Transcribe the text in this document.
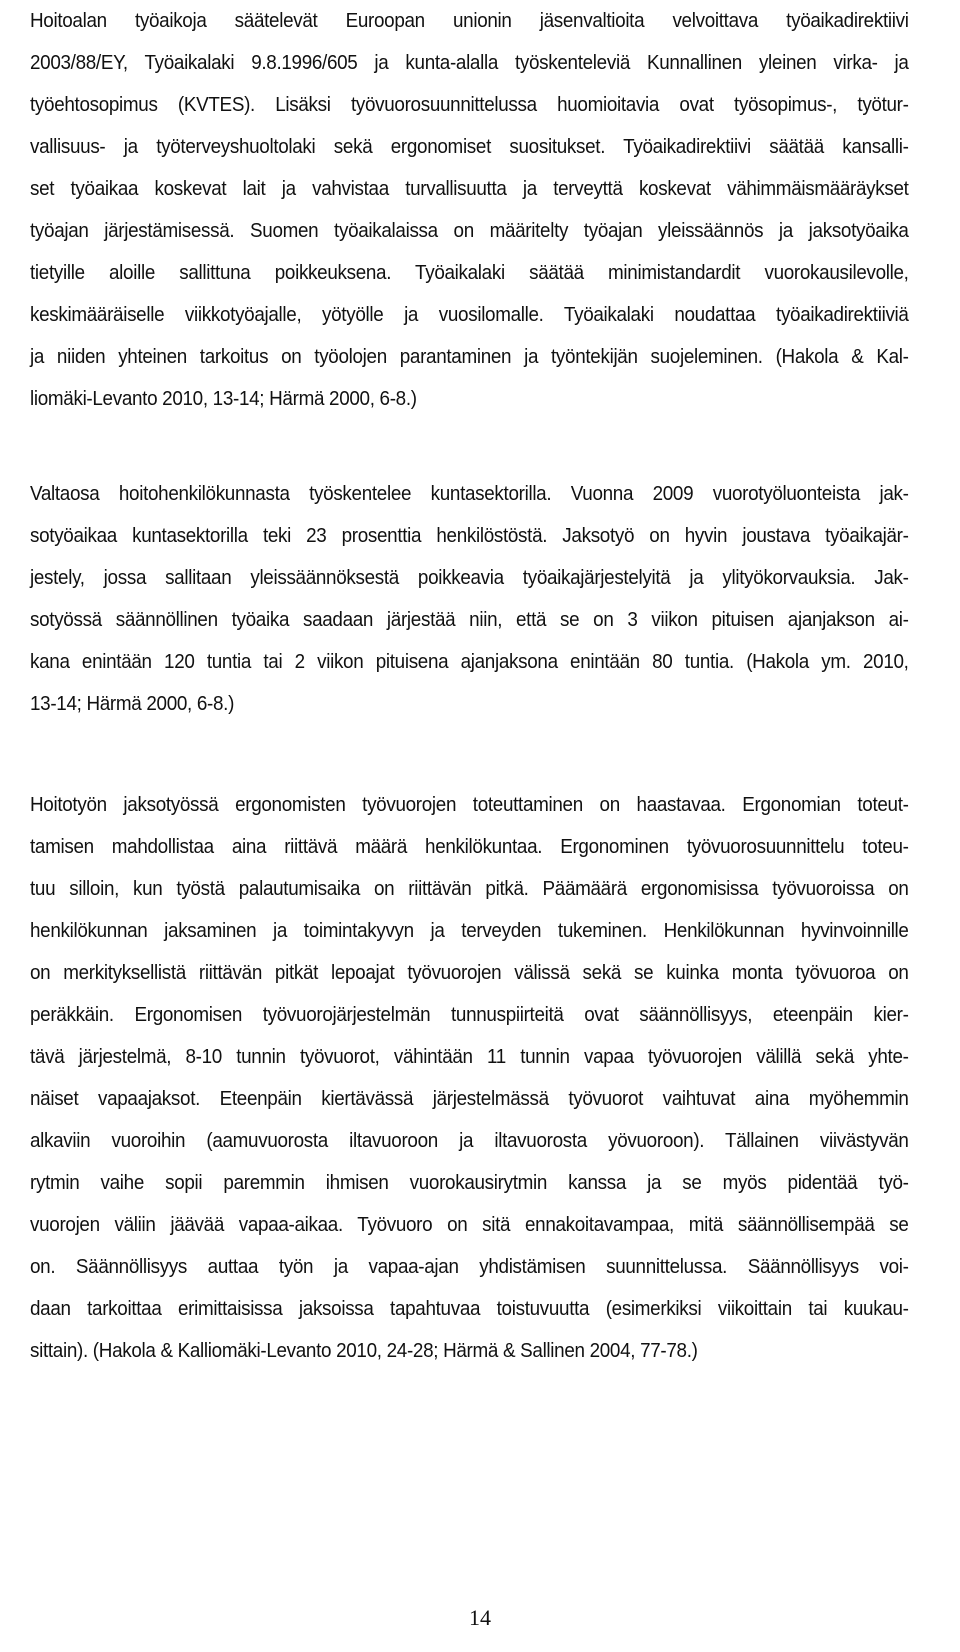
Hoitoalan työaikoja säätelevät Euroopan unionin jäsenvaltioita velvoittava työaikadirektiivi
2003/88/EY, Työaikalaki 9.8.1996/605 ja kunta-alalla työskenteleviä Kunnallinen yleinen virka- ja
työehtosopimus (KVTES). Lisäksi työvuorosuunnittelussa huomioitavia ovat työsopimus-, työtur-
vallisuus- ja työterveyshuoltolaki sekä ergonomiset suositukset. Työaikadirektiivi säätää kansalli-
set työaikaa koskevat lait ja vahvistaa turvallisuutta ja terveyttä koskevat vähimmäismääräykset
työajan järjestämisessä. Suomen työaikalaissa on määritelty työajan yleissäännös ja jaksotyöaika
tietyille aloille sallittuna poikkeuksena. Työaikalaki säätää minimistandardit vuorokausilevolle,
keskimääräiselle viikkotyöajalle, yötyölle ja vuosilomalle. Työaikalaki noudattaa työaikadirektiiviä
ja niiden yhteinen tarkoitus on työolojen parantaminen ja työntekijän suojeleminen. (Hakola & Kal-
liomäki-Levanto 2010, 13-14; Härmä 2000, 6-8.)
Valtaosa hoitohenkilökunnasta työskentelee kuntasektorilla. Vuonna 2009 vuorotyöluonteista jak-
sotyöaikaa kuntasektorilla teki 23 prosenttia henkilöstöstä. Jaksotyö on hyvin joustava työaikajär-
jestely, jossa sallitaan yleissäännöksestä poikkeavia työaikajärjestelyitä ja ylityökorvauksia. Jak-
sotyössä säännöllinen työaika saadaan järjestää niin, että se on 3 viikon pituisen ajanjakson ai-
kana enintään 120 tuntia tai 2 viikon pituisena ajanjaksona enintään 80 tuntia. (Hakola ym. 2010,
13-14; Härmä 2000, 6-8.)
Hoitotyön jaksotyössä ergonomisten työvuorojen toteuttaminen on haastavaa. Ergonomian toteut-
tamisen mahdollistaa aina riittävä määrä henkilökuntaa. Ergonominen työvuorosuunnittelu toteu-
tuu silloin, kun työstä palautumisaika on riittävän pitkä. Päämäärä ergonomisissa työvuoroissa on
henkilökunnan jaksaminen ja toimintakyvyn ja terveyden tukeminen. Henkilökunnan hyvinvoinnille
on merkityksellistä riittävän pitkät lepoajat työvuorojen välissä sekä se kuinka monta työvuoroa on
peräkkäin. Ergonomisen työvuorojärjestelmän tunnuspiirteitä ovat säännöllisyys, eteenpäin kier-
tävä järjestelmä, 8-10 tunnin työvuorot, vähintään 11 tunnin vapaa työvuorojen välillä sekä yhte-
näiset vapaajaksot. Eteenpäin kiertävässä järjestelmässä työvuorot vaihtuvat aina myöhemmin
alkaviin vuoroihin (aamuvuorosta iltavuoroon ja iltavuorosta yövuoroon). Tällainen viivästyvän
rytmin vaihe sopii paremmin ihmisen vuorokausirytmin kanssa ja se myös pidentää työ-
vuorojen väliin jäävää vapaa-aikaa. Työvuoro on sitä ennakoitavampaa, mitä säännöllisempää se
on. Säännöllisyys auttaa työn ja vapaa-ajan yhdistämisen suunnittelussa. Säännöllisyys voi-
daan tarkoittaa erimittaisissa jaksoissa tapahtuvaa toistuvuutta (esimerkiksi viikoittain tai kuukau-
sittain). (Hakola & Kalliomäki-Levanto 2010, 24-28; Härmä & Sallinen 2004, 77-78.)
14
